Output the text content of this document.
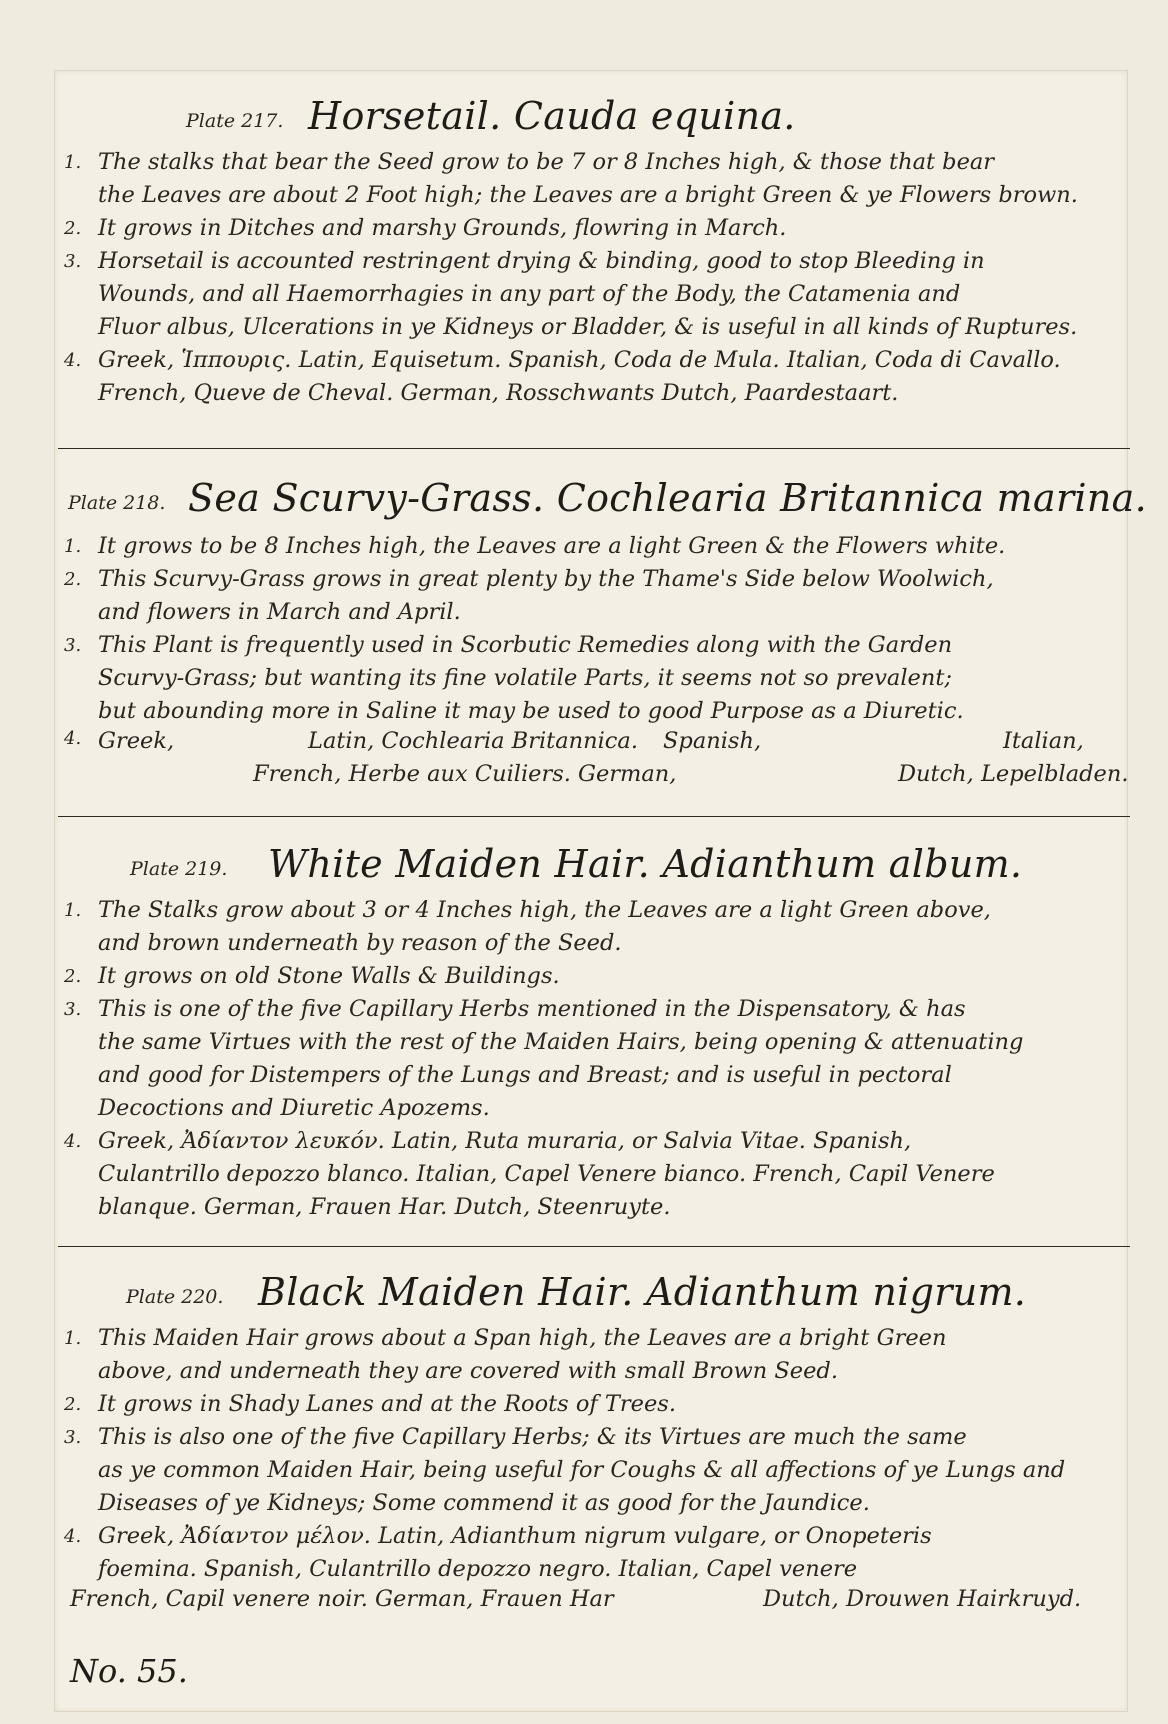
Plate 217. Horsetail. Cauda equina.
1. The stalks that bear the Seed grow to be 7 or 8 Inches high, & those that bear
the Leaves are about 2 Foot high; the Leaves are a bright Green & ye Flowers brown.
2. It grows in Ditches and marshy Grounds, flowring in March.
3. Horsetail is accounted restringent drying & binding, good to stop Bleeding in
Wounds, and all Haemorrhagies in any part of the Body, the Catamenia and
Fluor albus, Ulcerations in ye Kidneys or Bladder, & is useful in all kinds of Ruptures.
4. Greek, Ἱππουρις. Latin, Equisetum. Spanish, Coda de Mula. Italian, Coda di Cavallo.
French, Queve de Cheval. German, Rosschwants Dutch, Paardestaart.
Plate 218. Sea Scurvy-Grass. Cochlearia Britannica marina.
1. It grows to be 8 Inches high, the Leaves are a light Green & the Flowers white.
2. This Scurvy-Grass grows in great plenty by the Thame's Side below Woolwich,
and flowers in March and April.
3. This Plant is frequently used in Scorbutic Remedies along with the Garden
Scurvy-Grass; but wanting its fine volatile Parts, it seems not so prevalent;
but abounding more in Saline it may be used to good Purpose as a Diuretic.
4. Greek,	Latin, Cochlearia Britannica. Spanish,	Italian,
French, Herbe aux Cuiliers. German,	Dutch, Lepelbladen.
Plate 219. White Maiden Hair. Adianthum album.
1. The Stalks grow about 3 or 4 Inches high, the Leaves are a light Green above,
and brown underneath by reason of the Seed.
2. It grows on old Stone Walls & Buildings.
3. This is one of the five Capillary Herbs mentioned in the Dispensatory, & has
the same Virtues with the rest of the Maiden Hairs, being opening & attenuating
and good for Distempers of the Lungs and Breast; and is useful in pectoral
Decoctions and Diuretic Apozems.
4. Greek, Ἀδίαντον λευκόν. Latin, Ruta muraria, or Salvia Vitae. Spanish,
Culantrillo depozzo blanco. Italian, Capel Venere bianco. French, Capil Venere
blanque. German, Frauen Har. Dutch, Steenruyte.
Plate 220. Black Maiden Hair. Adianthum nigrum.
1. This Maiden Hair grows about a Span high, the Leaves are a bright Green
above, and underneath they are covered with small Brown Seed.
2. It grows in Shady Lanes and at the Roots of Trees.
3. This is also one of the five Capillary Herbs; & its Virtues are much the same
as ye common Maiden Hair, being useful for Coughs & all affections of ye Lungs and
Diseases of ye Kidneys; Some commend it as good for the Jaundice.
4. Greek, Ἀδίαντον μέλον. Latin, Adianthum nigrum vulgare, or Onopeteris
foemina. Spanish, Culantrillo depozzo negro. Italian, Capel venere
French, Capil venere noir. German, Frauen Har	Dutch, Drouwen Hairkruyd.
No. 55.
